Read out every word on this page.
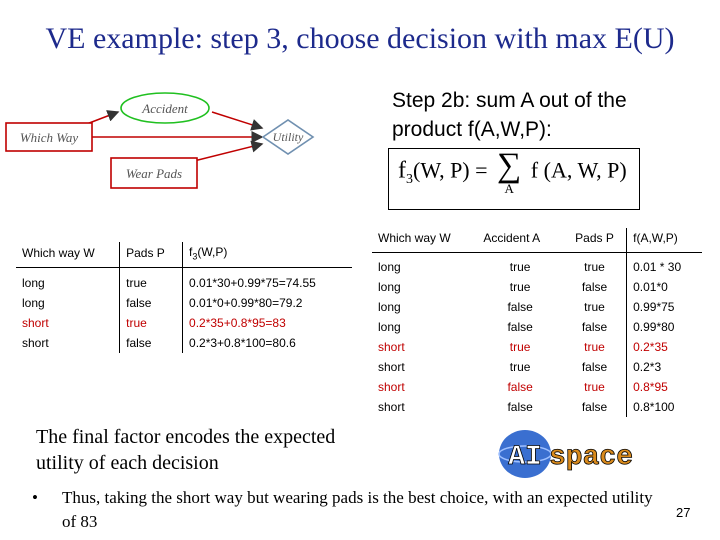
VE example: step 3, choose decision with max E(U)
Accident
Which Way	Utility
Wear Pads
Step 2b: sum A out of the product f(A,W,P):
$f_3(W$, P) = ∑
A
f (A, W, P)
Which way W	Pads P	$f_3(W,P)$
long	true	0.01*30+0.99*75=74.55
long	false	0.01*0+0.99*80=79.2
short	true	0.2*35+0.8*95=83
short	false	0.2*3+0.8*100=80.6
Which way W	Accident A	Pads P	f(A,W,P)
long	true	true	0.01 * 30
long	true	false	0.01*0
long	false	true	0.99*75
long	false	false	0.99*80
short	true	true	0.2*35
short	true	false	0.2*3
short	false	true	0.8*95
short	false	false	0.8*100
The final factor encodes the expected utility of each decision	AI space
•	Thus, taking the short way but wearing pads is the best choice, with an expected utility of 83	27
